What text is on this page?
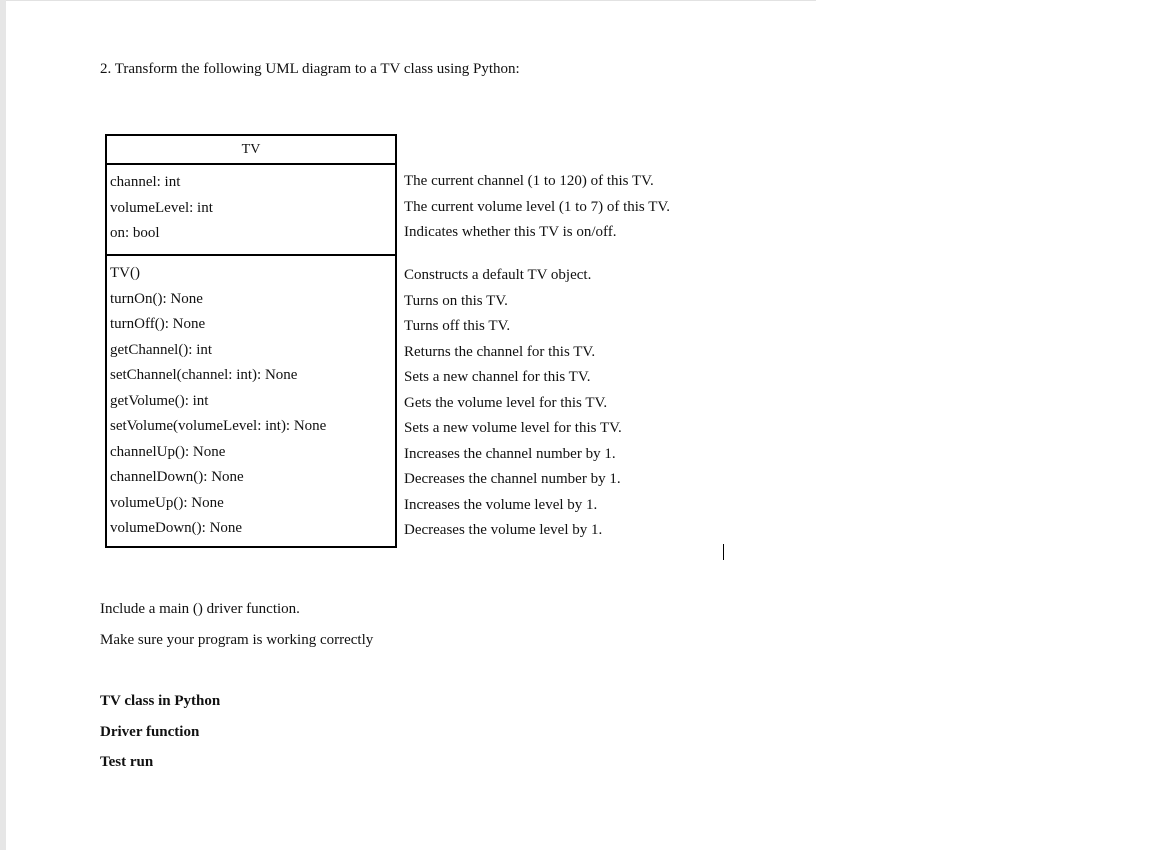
2. Transform the following UML diagram to a TV class using Python:
TV
channel: int
volumeLevel: int
on: bool
TV()
turnOn(): None
turnOff(): None
getChannel(): int
setChannel(channel: int): None
getVolume(): int
setVolume(volumeLevel: int): None
channelUp(): None
channelDown(): None
volumeUp(): None
volumeDown(): None
The current channel (1 to 120) of this TV.
The current volume level (1 to 7) of this TV.
Indicates whether this TV is on/off.
Constructs a default TV object.
Turns on this TV.
Turns off this TV.
Returns the channel for this TV.
Sets a new channel for this TV.
Gets the volume level for this TV.
Sets a new volume level for this TV.
Increases the channel number by 1.
Decreases the channel number by 1.
Increases the volume level by 1.
Decreases the volume level by 1.
Include a main () driver function.
Make sure your program is working correctly
TV class in Python
Driver function
Test run
